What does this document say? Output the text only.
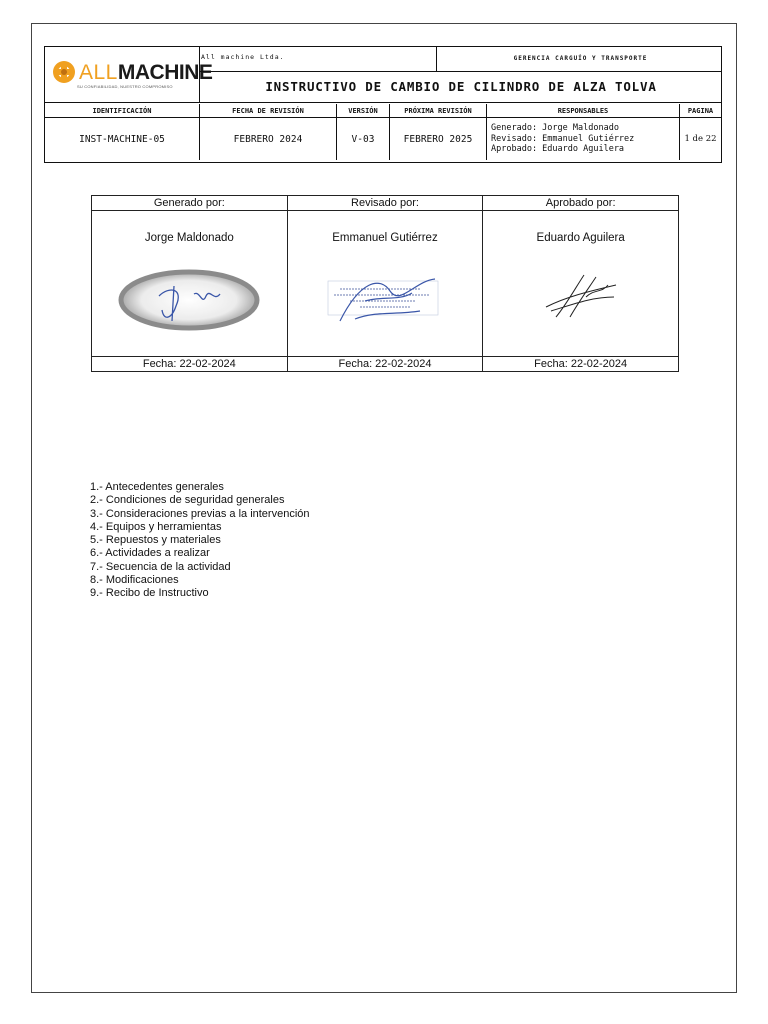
ALLMACHINE
SU CONFIABILIDAD, NUESTRO COMPROMISO
All machine Ltda.	GERENCIA CARGUÍO Y TRANSPORTE
INSTRUCTIVO DE CAMBIO DE CILINDRO DE ALZA TOLVA
IDENTIFICACIÓN	FECHA DE REVISIÓN	VERSIÓN	PRÓXIMA REVISIÓN	RESPONSABLES	PAGINA
INST-MACHINE-05	FEBRERO 2024	V-03	FEBRERO 2025	Generado: Jorge Maldonado
Revisado: Emmanuel Gutiérrez
Aprobado: Eduardo Aguilera	1 de 22
Generado por:	Revisado por:	Aprobado por:

Jorge Maldonado	Emmanuel Gutiérrez	Eduardo Aguilera

Fecha: 22-02-2024	Fecha: 22-02-2024	Fecha: 22-02-2024
1.- Antecedentes generales
2.- Condiciones de seguridad generales
3.- Consideraciones previas a la intervención
4.- Equipos y herramientas
5.- Repuestos y materiales
6.- Actividades a realizar
7.- Secuencia de la actividad
8.- Modificaciones
9.- Recibo de Instructivo
